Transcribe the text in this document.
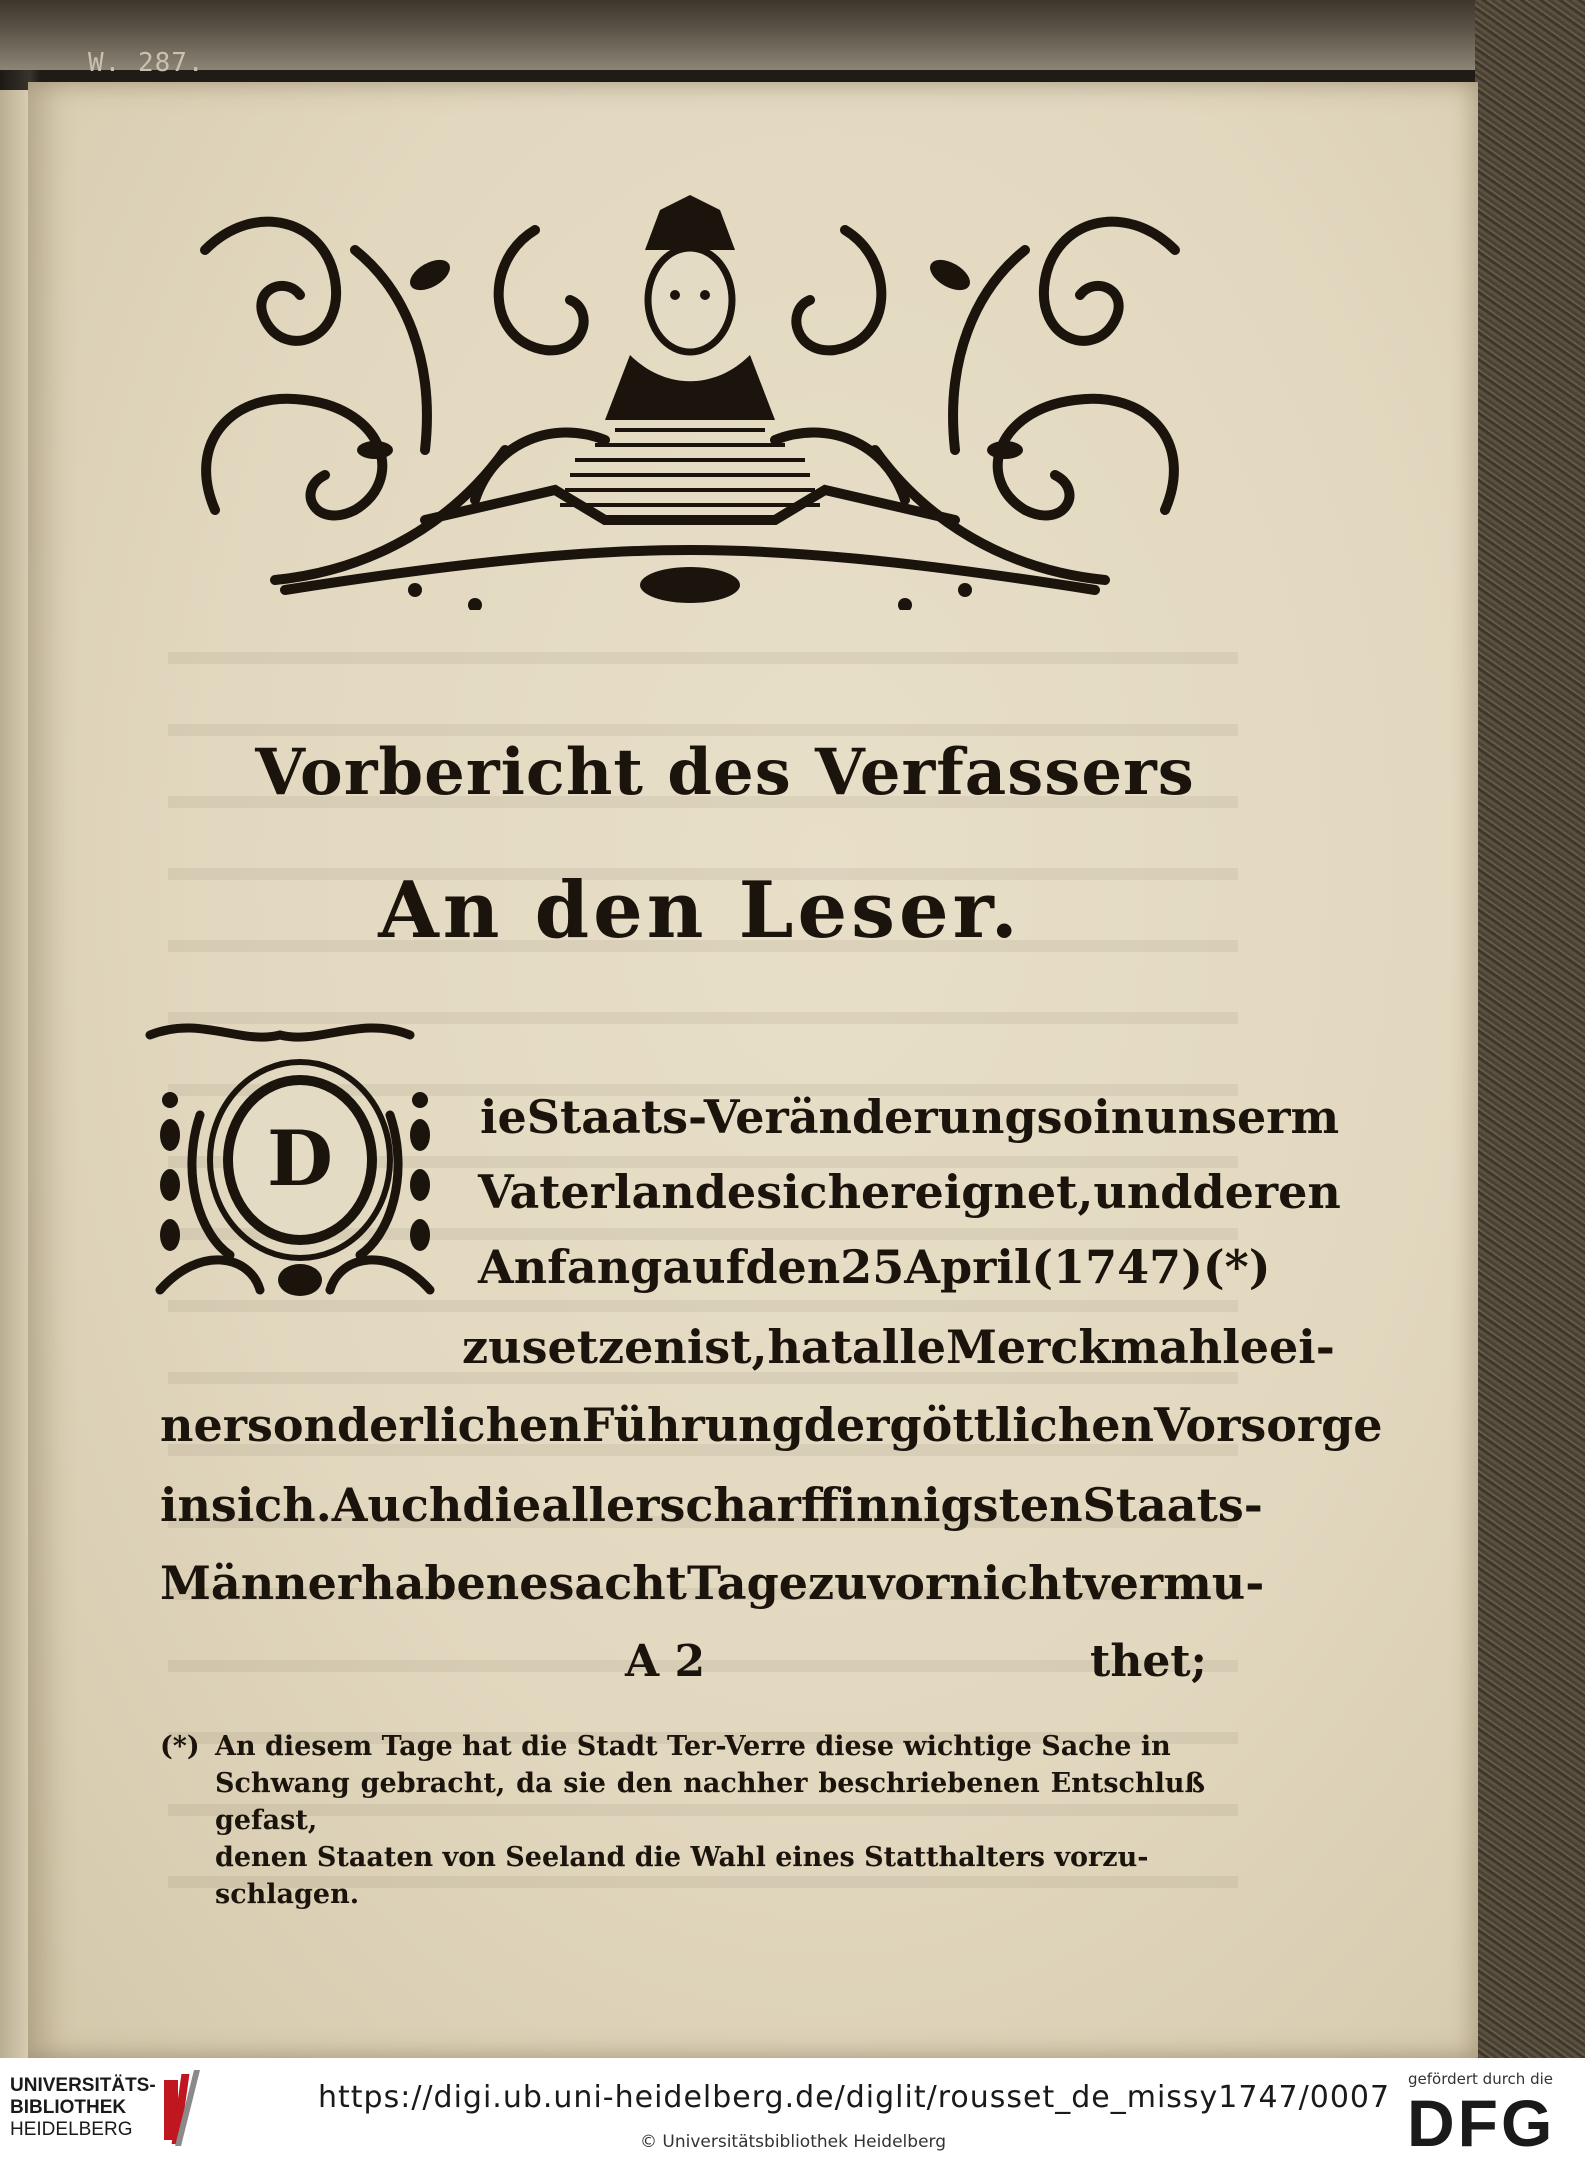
W. 287.
Vorbericht des Verfassers
An den Leser.
D	ie Staats-Veränderung so in unserm
Vaterlande sich ereignet, und deren
Anfang auf den 25 April (1747) (*)
zu setzen ist, hat alle Merckmahle ei-
ner sonderlichen Führung der göttlichen Vorsorge
in sich. Auch die allerscharffinnigsten Staats-
Männer haben es acht Tage zuvor nicht vermu-
A 2	thet;
(*) An diesem Tage hat die Stadt Ter-Verre diese wichtige Sache in
Schwang gebracht, da sie den nachher beschriebenen Entschluß gefast,
denen Staaten von Seeland die Wahl eines Statthalters vorzu-
schlagen.
UNIVERSITÄTS-
BIBLIOTHEK
HEIDELBERG
https://digi.ub.uni-heidelberg.de/diglit/rousset_de_missy1747/0007
© Universitätsbibliothek Heidelberg
gefördert durch die
DFG
